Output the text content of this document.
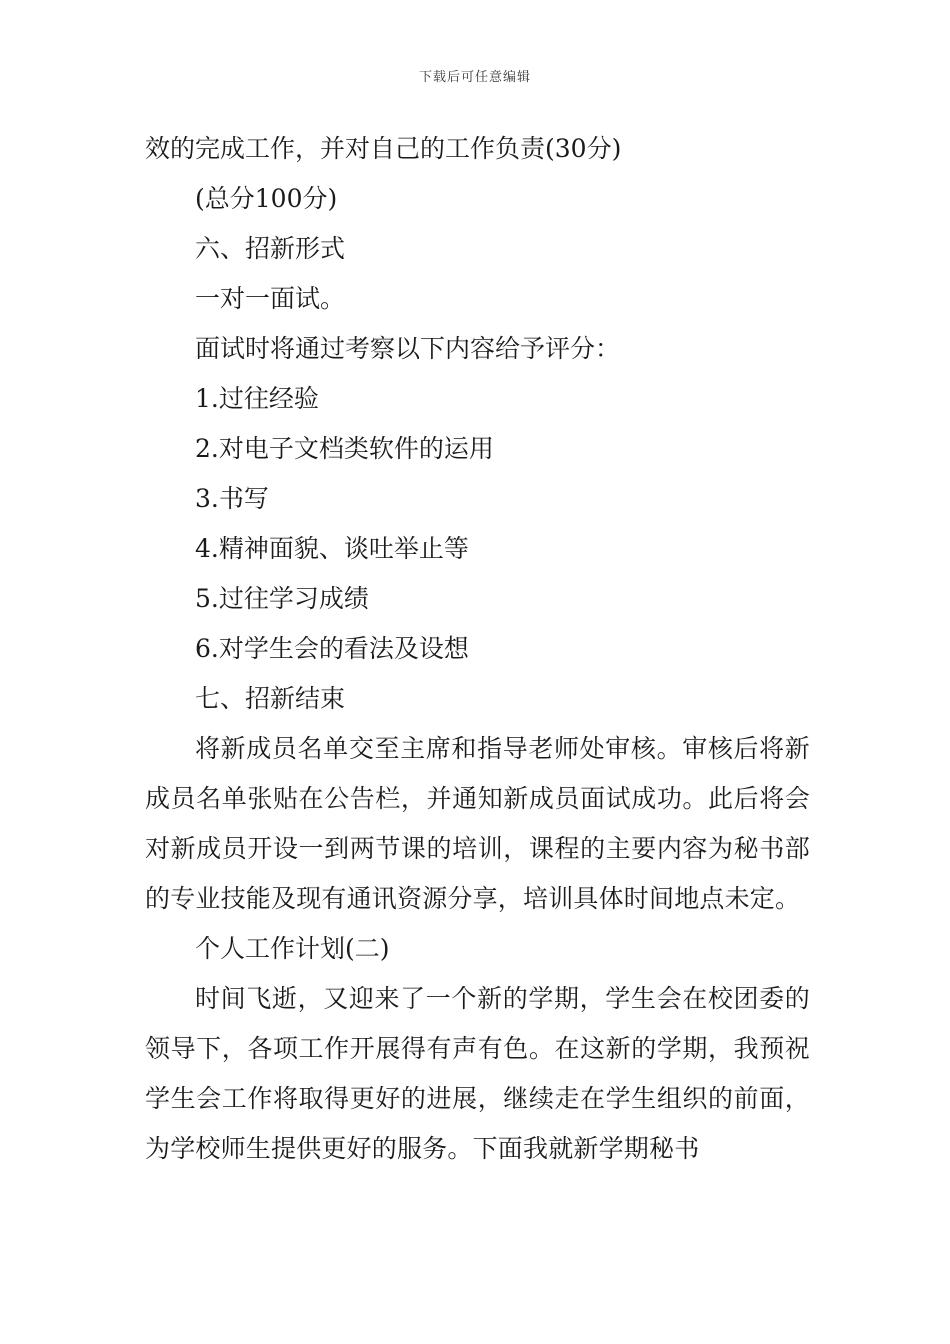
下载后可任意编辑

效的完成工作，并对自己的工作负责(30分)

(总分100分)

六、招新形式

一对一面试。

面试时将通过考察以下内容给予评分：

1.过往经验

2.对电子文档类软件的运用

3.书写

4.精神面貌、谈吐举止等

5.过往学习成绩

6.对学生会的看法及设想

七、招新结束

将新成员名单交至主席和指导老师处审核。审核后将新成员名单张贴在公告栏，并通知新成员面试成功。此后将会对新成员开设一到两节课的培训，课程的主要内容为秘书部的专业技能及现有通讯资源分享，培训具体时间地点未定。

个人工作计划(二)

时间飞逝，又迎来了一个新的学期，学生会在校团委的领导下，各项工作开展得有声有色。在这新的学期，我预祝学生会工作将取得更好的进展，继续走在学生组织的前面，为学校师生提供更好的服务。下面我就新学期秘书
